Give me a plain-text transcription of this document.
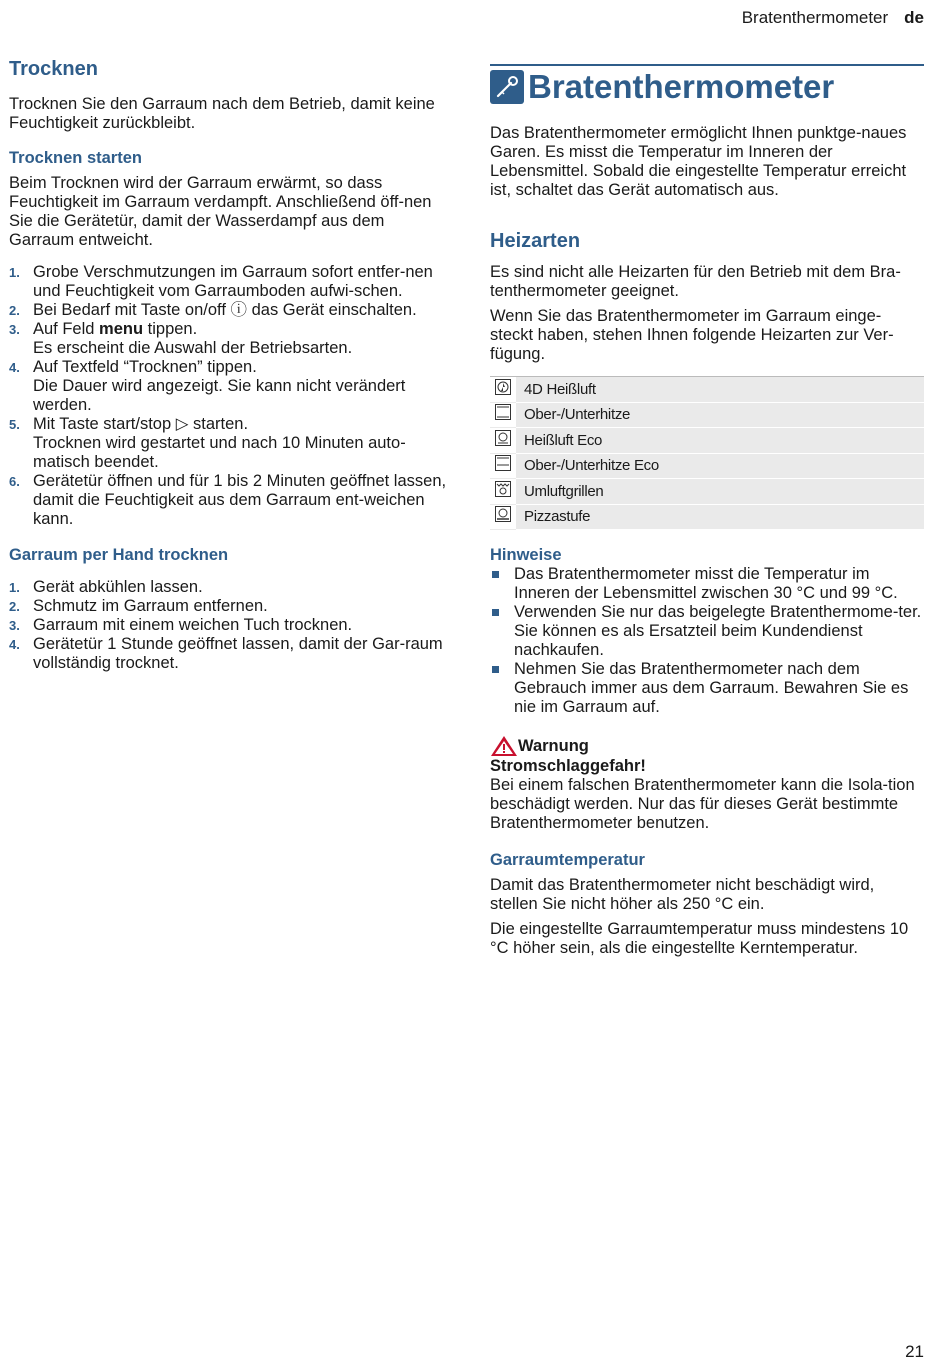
Bratenthermometer de
Trocknen

Trocknen Sie den Garraum nach dem Betrieb, damit keine Feuchtigkeit zurückbleibt.

Trocknen starten

Beim Trocknen wird der Garraum erwärmt, so dass Feuchtigkeit im Garraum verdampft. Anschließend öff-nen Sie die Gerätetür, damit der Wasserdampf aus dem Garraum entweicht.

1. Grobe Verschmutzungen im Garraum sofort entfer-nen und Feuchtigkeit vom Garraumboden aufwi-schen.
2. Bei Bedarf mit Taste on/off ⓘ das Gerät einschalten.
3. Auf Feld menu tippen.
Es erscheint die Auswahl der Betriebsarten.
4. Auf Textfeld “Trocknen” tippen.
Die Dauer wird angezeigt. Sie kann nicht verändert werden.
5. Mit Taste start/stop ▷ starten.
Trocknen wird gestartet und nach 10 Minuten auto-matisch beendet.
6. Gerätetür öffnen und für 1 bis 2 Minuten geöffnet lassen, damit die Feuchtigkeit aus dem Garraum ent-weichen kann.
Garraum per Hand trocknen
1. Gerät abkühlen lassen.
2. Schmutz im Garraum entfernen.
3. Garraum mit einem weichen Tuch trocknen.
4. Gerätetür 1 Stunde geöffnet lassen, damit der Gar-raum vollständig trocknet.
Bratenthermometer

Das Bratenthermometer ermöglicht Ihnen punktge-naues Garen. Es misst die Temperatur im Inneren der Lebensmittel. Sobald die eingestellte Temperatur erreicht ist, schaltet das Gerät automatisch aus.

Heizarten

Es sind nicht alle Heizarten für den Betrieb mit dem Bra-tenthermometer geeignet.

Wenn Sie das Bratenthermometer im Garraum einge-steckt haben, stehen Ihnen folgende Heizarten zur Ver-fügung.

	4D Heißluft
	Ober-/Unterhitze
	Heißluft Eco
	Ober-/Unterhitze Eco
	Umluftgrillen
	Pizzastufe
Hinweise
Das Bratenthermometer misst die Temperatur im Inneren der Lebensmittel zwischen 30 °C und 99 °C.
Verwenden Sie nur das beigelegte Bratenthermome-ter. Sie können es als Ersatzteil beim Kundendienst nachkaufen.
Nehmen Sie das Bratenthermometer nach dem Gebrauch immer aus dem Garraum. Bewahren Sie es nie im Garraum auf.
Warnung

Stromschlaggefahr!

Bei einem falschen Bratenthermometer kann die Isola-tion beschädigt werden. Nur das für dieses Gerät bestimmte Bratenthermometer benutzen.

Garraumtemperatur

Damit das Bratenthermometer nicht beschädigt wird, stellen Sie nicht höher als 250 °C ein.

Die eingestellte Garraumtemperatur muss mindestens 10 °C höher sein, als die eingestellte Kerntemperatur.

21
